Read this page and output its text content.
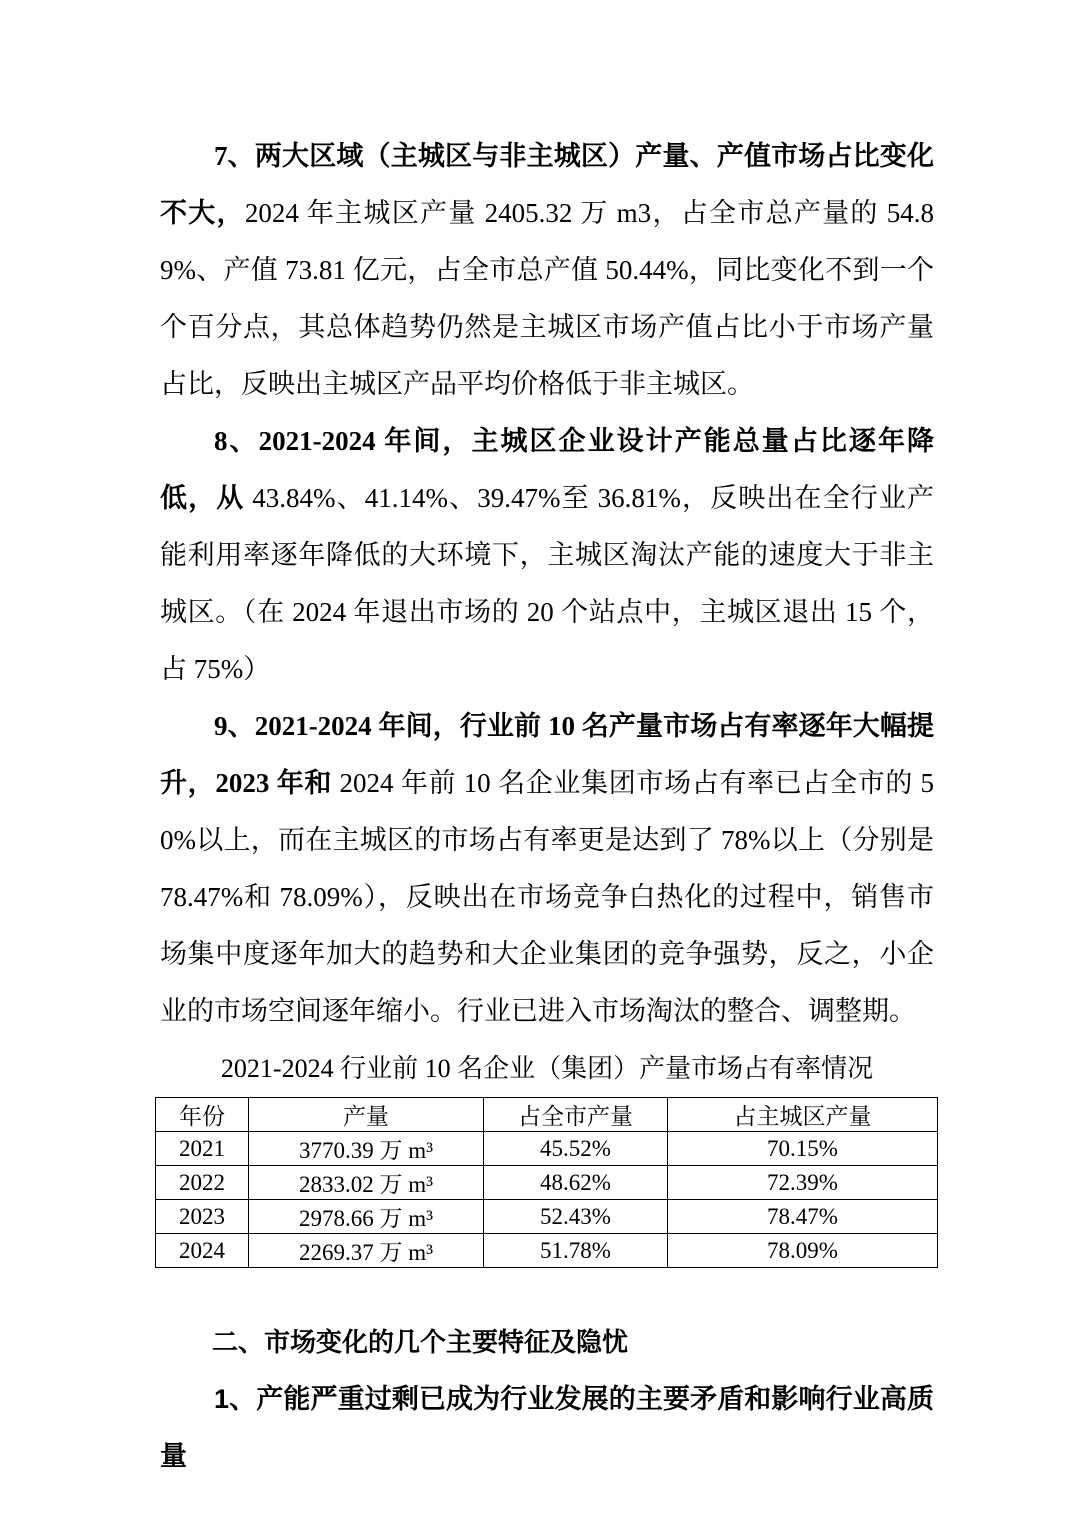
7、两大区域（主城区与非主城区）产量、产值市场占比变化不大，2024 年主城区产量 2405.32 万 m3，占全市总产量的 54.89%、产值 73.81 亿元，占全市总产值 50.44%，同比变化不到一个个百分点，其总体趋势仍然是主城区市场产值占比小于市场产量占比，反映出主城区产品平均价格低于非主城区。

8、2021-2024 年间，主城区企业设计产能总量占比逐年降低，从 43.84%、41.14%、39.47%至 36.81%，反映出在全行业产能利用率逐年降低的大环境下，主城区淘汰产能的速度大于非主城区。（在 2024 年退出市场的 20 个站点中，主城区退出 15 个，占 75%）

9、2021-2024 年间，行业前 10 名产量市场占有率逐年大幅提升，2023 年和 2024 年前 10 名企业集团市场占有率已占全市的 50%以上，而在主城区的市场占有率更是达到了 78%以上（分别是 78.47%和 78.09%），反映出在市场竞争白热化的过程中，销售市场集中度逐年加大的趋势和大企业集团的竞争强势，反之，小企业的市场空间逐年缩小。行业已进入市场淘汰的整合、调整期。

2021-2024 行业前 10 名企业（集团）产量市场占有率情况

年份	产量	占全市产量	占主城区产量
2021	3770.39 万 m³	45.52%	70.15%
2022	2833.02 万 m³	48.62%	72.39%
2023	2978.66 万 m³	52.43%	78.47%
2024	2269.37 万 m³	51.78%	78.09%

二、市场变化的几个主要特征及隐忧

1、产能严重过剩已成为行业发展的主要矛盾和影响行业高质量
